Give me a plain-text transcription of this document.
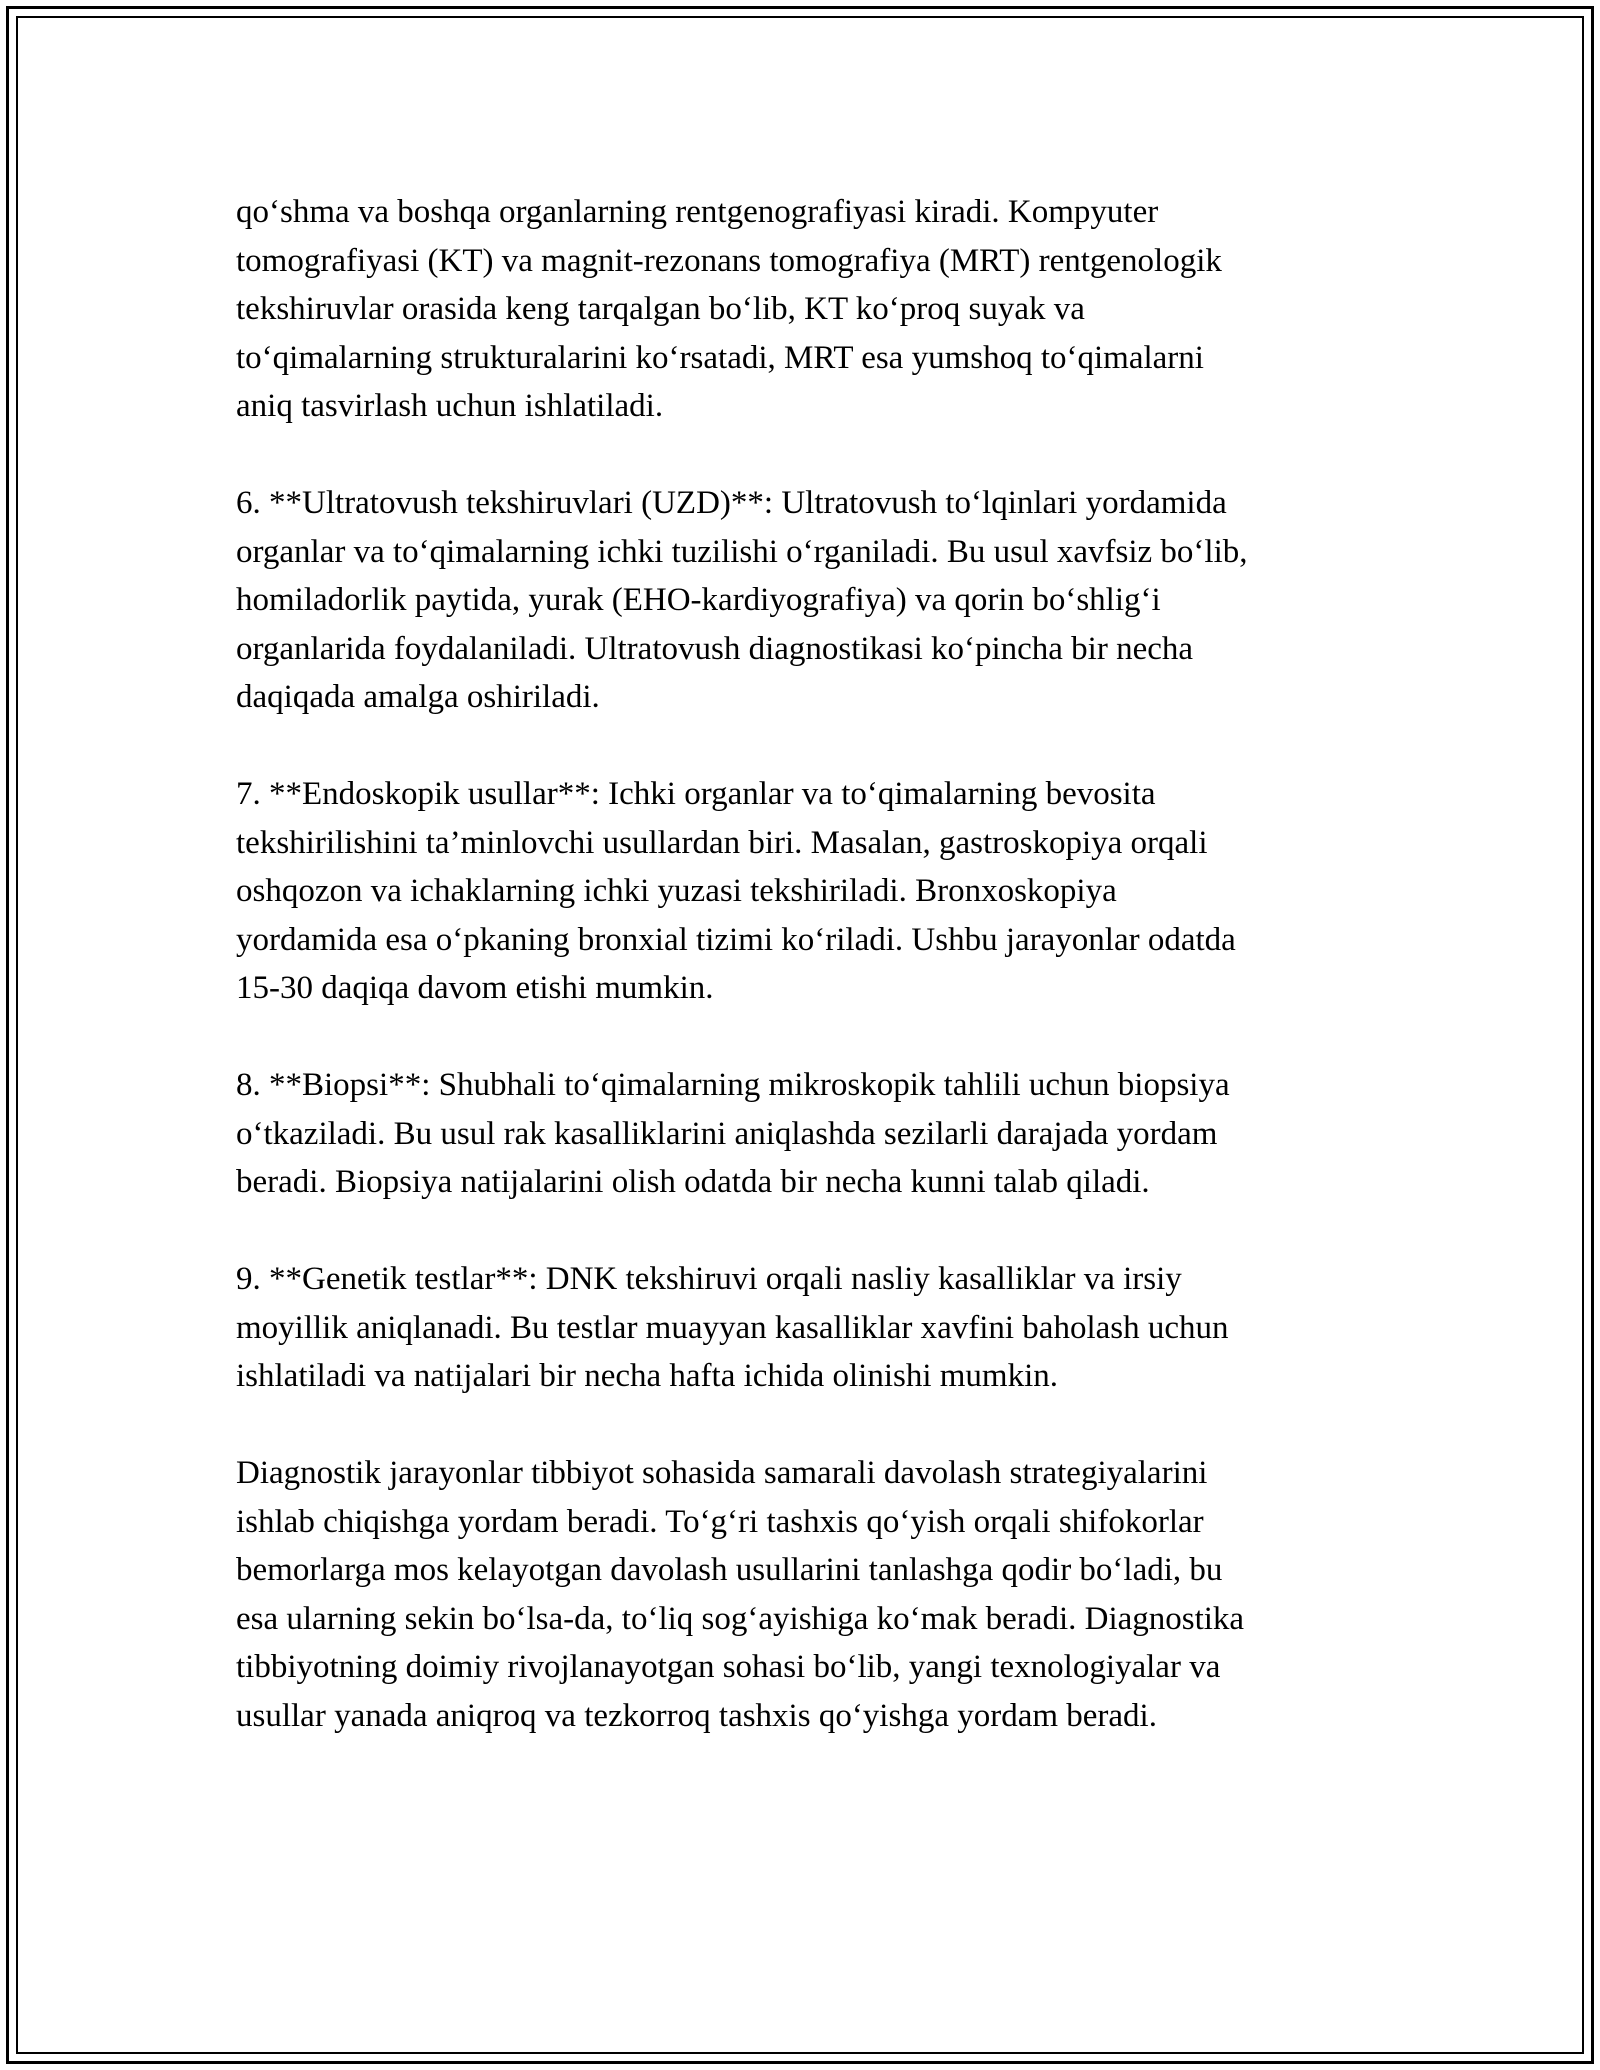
qo‘shma va boshqa organlarning rentgenografiyasi kiradi. Kompyuter
tomografiyasi (KT) va magnit-rezonans tomografiya (MRT) rentgenologik
tekshiruvlar orasida keng tarqalgan bo‘lib, KT ko‘proq suyak va
to‘qimalarning strukturalarini ko‘rsatadi, MRT esa yumshoq to‘qimalarni
aniq tasvirlash uchun ishlatiladi.

6. **Ultratovush tekshiruvlari (UZD)**: Ultratovush to‘lqinlari yordamida
organlar va to‘qimalarning ichki tuzilishi o‘rganiladi. Bu usul xavfsiz bo‘lib,
homiladorlik paytida, yurak (EHO-kardiyografiya) va qorin bo‘shlig‘i
organlarida foydalaniladi. Ultratovush diagnostikasi ko‘pincha bir necha
daqiqada amalga oshiriladi.

7. **Endoskopik usullar**: Ichki organlar va to‘qimalarning bevosita
tekshirilishini ta’minlovchi usullardan biri. Masalan, gastroskopiya orqali
oshqozon va ichaklarning ichki yuzasi tekshiriladi. Bronxoskopiya
yordamida esa o‘pkaning bronxial tizimi ko‘riladi. Ushbu jarayonlar odatda
15-30 daqiqa davom etishi mumkin.

8. **Biopsi**: Shubhali to‘qimalarning mikroskopik tahlili uchun biopsiya
o‘tkaziladi. Bu usul rak kasalliklarini aniqlashda sezilarli darajada yordam
beradi. Biopsiya natijalarini olish odatda bir necha kunni talab qiladi.

9. **Genetik testlar**: DNK tekshiruvi orqali nasliy kasalliklar va irsiy
moyillik aniqlanadi. Bu testlar muayyan kasalliklar xavfini baholash uchun
ishlatiladi va natijalari bir necha hafta ichida olinishi mumkin.

Diagnostik jarayonlar tibbiyot sohasida samarali davolash strategiyalarini
ishlab chiqishga yordam beradi. To‘g‘ri tashxis qo‘yish orqali shifokorlar
bemorlarga mos kelayotgan davolash usullarini tanlashga qodir bo‘ladi, bu
esa ularning sekin bo‘lsa-da, to‘liq sog‘ayishiga ko‘mak beradi. Diagnostika
tibbiyotning doimiy rivojlanayotgan sohasi bo‘lib, yangi texnologiyalar va
usullar yanada aniqroq va tezkorroq tashxis qo‘yishga yordam beradi.
